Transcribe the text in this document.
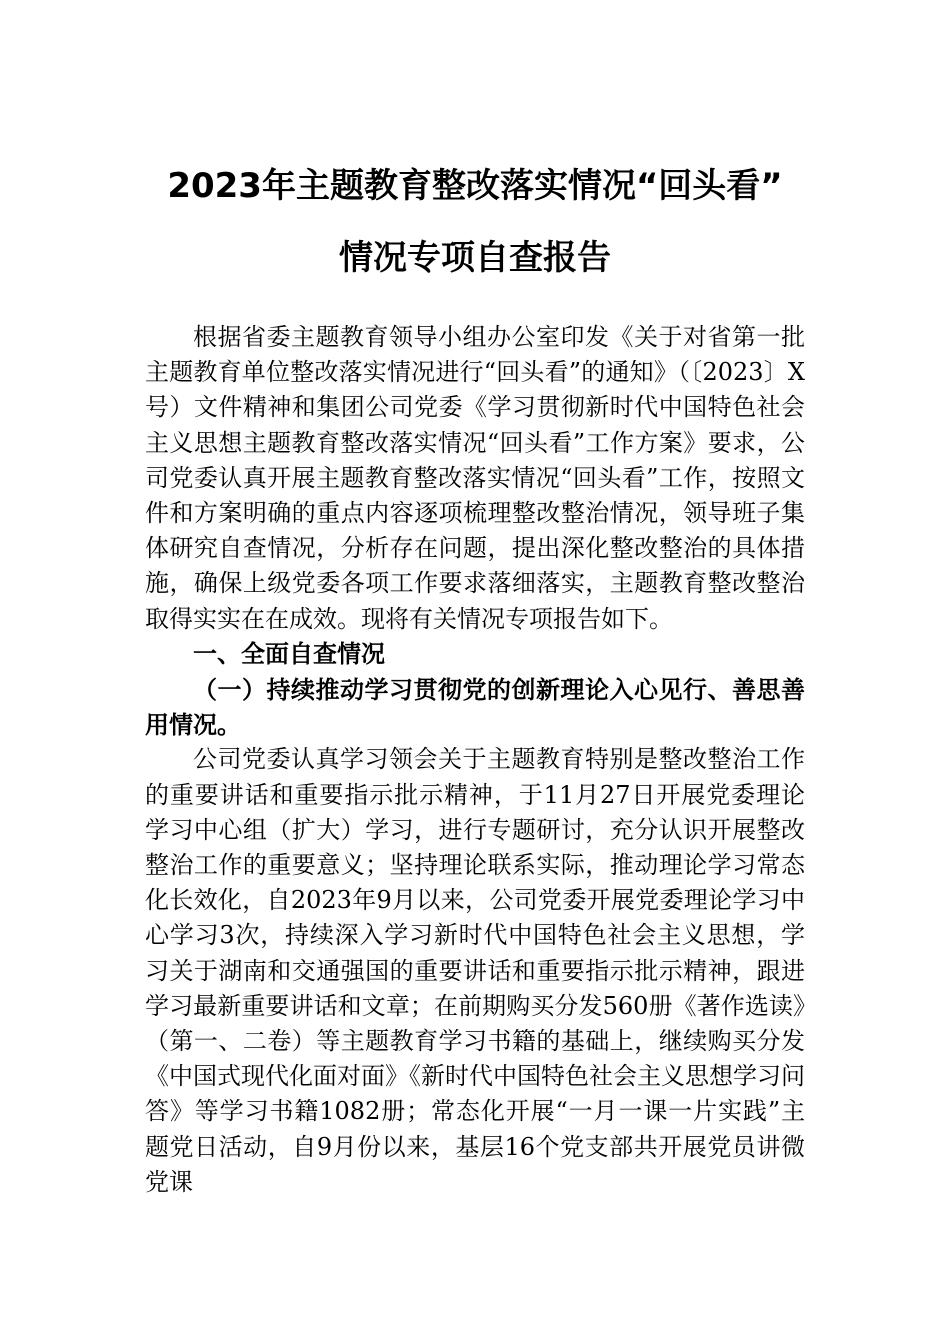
2023年主题教育整改落实情况“回头看”
情况专项自查报告

根据省委主题教育领导小组办公室印发《关于对省第一批主题教育单位整改落实情况进行“回头看”的通知》（〔2023〕X号）文件精神和集团公司党委《学习贯彻新时代中国特色社会主义思想主题教育整改落实情况“回头看”工作方案》要求，公司党委认真开展主题教育整改落实情况“回头看”工作，按照文件和方案明确的重点内容逐项梳理整改整治情况，领导班子集体研究自查情况，分析存在问题，提出深化整改整治的具体措施，确保上级党委各项工作要求落细落实，主题教育整改整治取得实实在在成效。现将有关情况专项报告如下。

一、全面自查情况

（一）持续推动学习贯彻党的创新理论入心见行、善思善用情况。

公司党委认真学习领会关于主题教育特别是整改整治工作的重要讲话和重要指示批示精神，于11月27日开展党委理论学习中心组（扩大）学习，进行专题研讨，充分认识开展整改整治工作的重要意义；坚持理论联系实际，推动理论学习常态化长效化，自2023年9月以来，公司党委开展党委理论学习中心学习3次，持续深入学习新时代中国特色社会主义思想，学习关于湖南和交通强国的重要讲话和重要指示批示精神，跟进学习最新重要讲话和文章；在前期购买分发560册《著作选读》（第一、二卷）等主题教育学习书籍的基础上，继续购买分发《中国式现代化面对面》《新时代中国特色社会主义思想学习问答》等学习书籍1082册；常态化开展“一月一课一片实践”主题党日活动，自9月份以来，基层16个党支部共开展党员讲微党课
